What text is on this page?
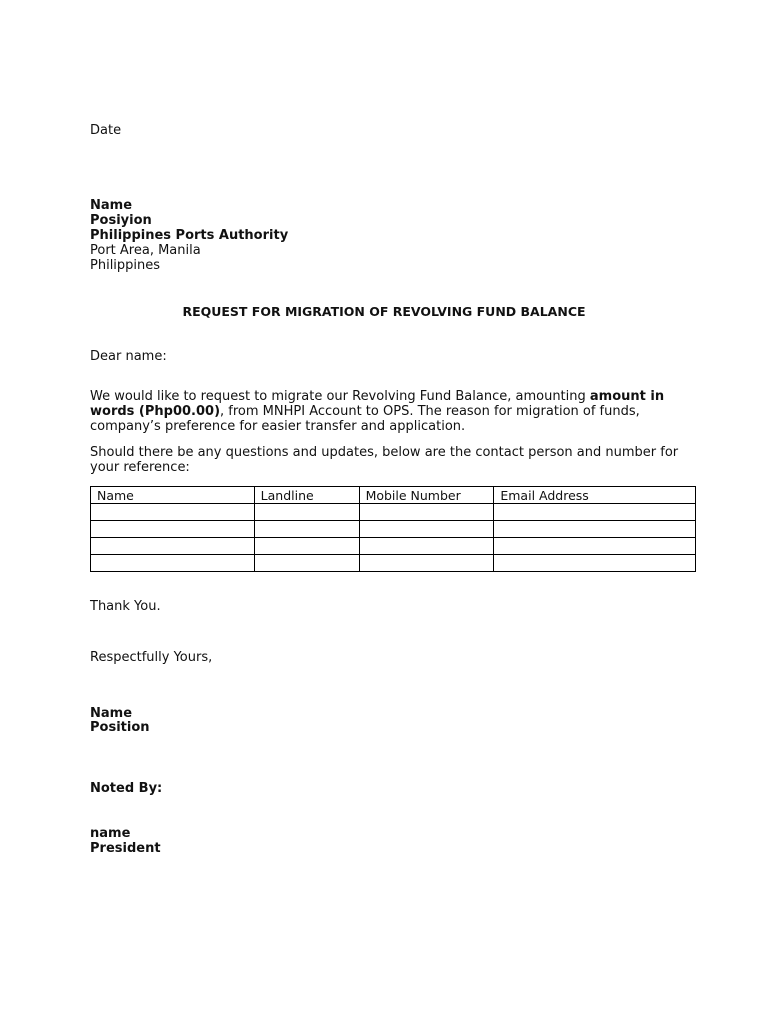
Date
Name
Posiyion
Philippines Ports Authority
Port Area, Manila
Philippines
REQUEST FOR MIGRATION OF REVOLVING FUND BALANCE
Dear name:
We would like to request to migrate our Revolving Fund Balance, amounting amount in words (Php00.00), from MNHPI Account to OPS. The reason for migration of funds, company’s preference for easier transfer and application.
Should there be any questions and updates, below are the contact person and number for your reference:
Name	Landline	Mobile Number	Email Address

Thank You.
Respectfully Yours,
Name
Position
Noted By:
name
President
